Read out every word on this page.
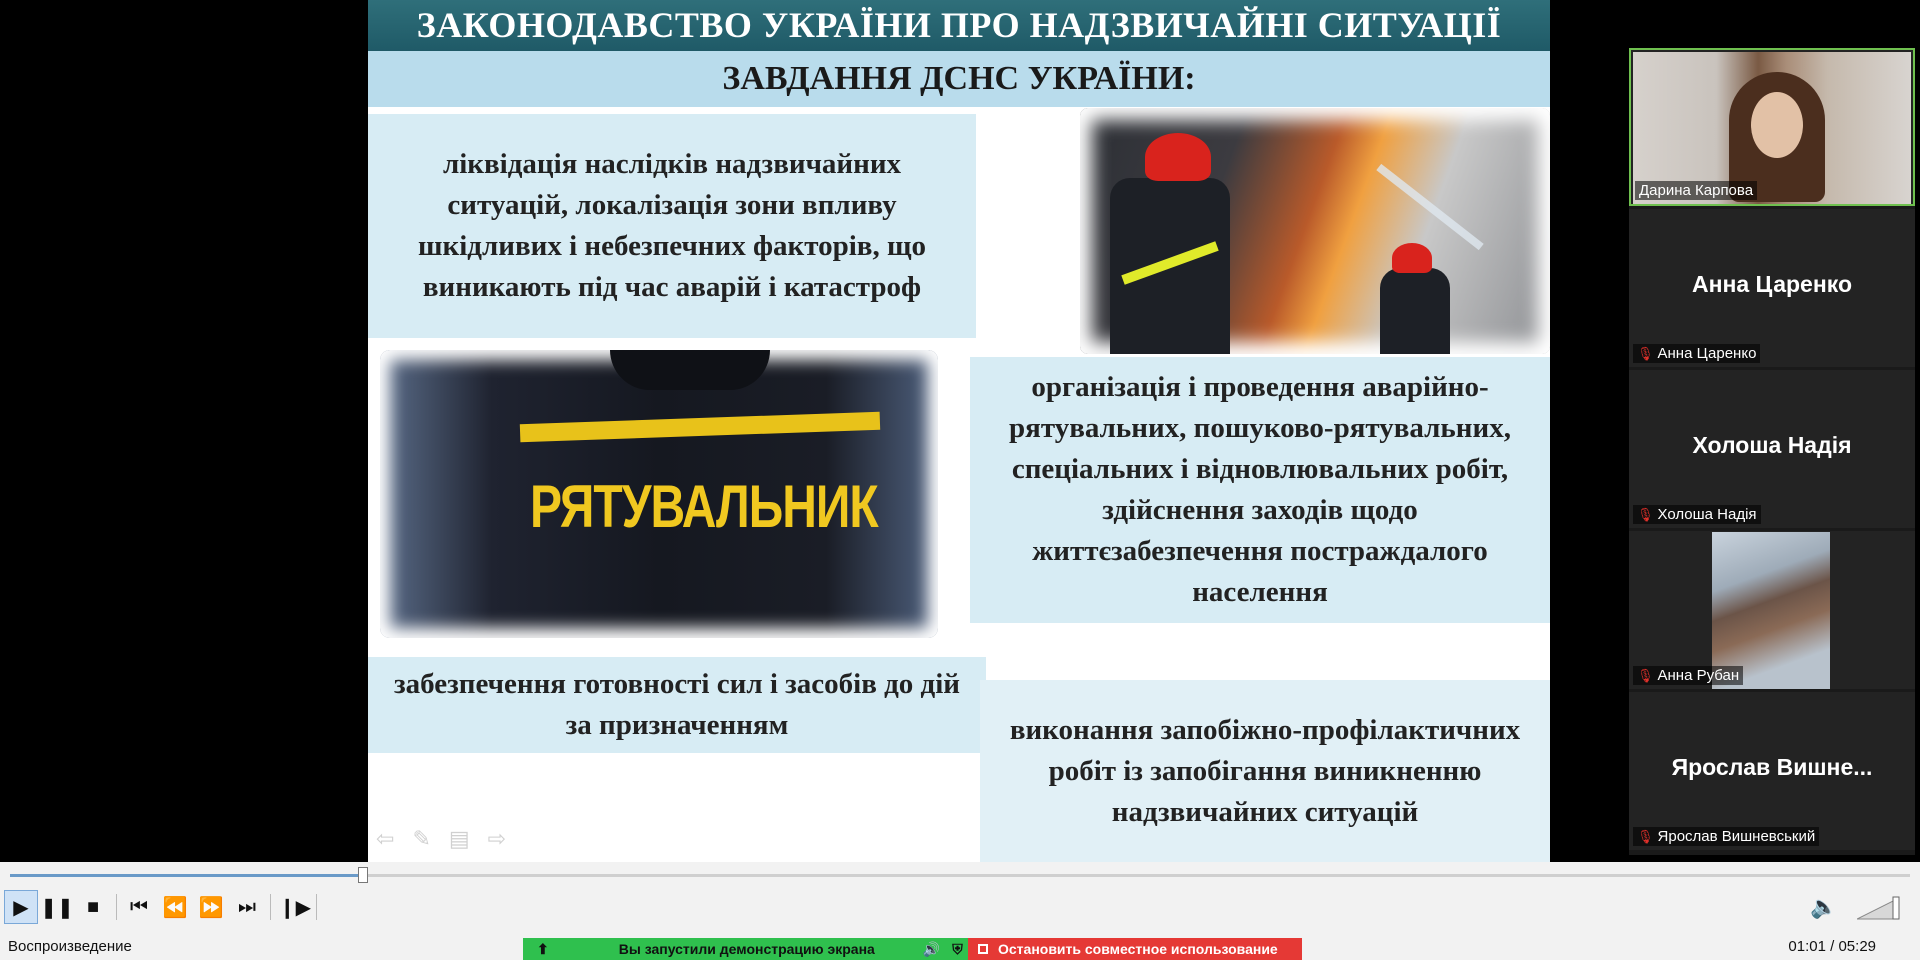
ЗАКОНОДАВСТВО УКРАЇНИ ПРО НАДЗВИЧАЙНІ СИТУАЦІЇ
ЗАВДАННЯ ДСНС УКРАЇНИ:
ліквідація наслідків надзвичайних ситуацій, локалізація зони впливу шкідливих і небезпечних факторів, що виникають під час аварій і катастроф
РЯТУВАЛЬНИК
організація і проведення аварійно-рятувальних, пошуково-рятувальних, спеціальних і відновлювальних робіт, здійснення заходів щодо життєзабезпечення постраждалого населення
забезпечення готовності сил і засобів до дій за призначенням	виконання запобіжно-профілактичних робіт із запобігання виникненню надзвичайних ситуацій
⇦✎▤⇨
Дарина Карпова
Анна Царенко
🎙 Анна Царенко
Холоша Надія
🎙 Холоша Надія
🎙 Анна Рубан
Ярослав Вишне...
🎙 Ярослав Вишневський
▶ ❚❚ ■	⏮ ⏪ ⏩ ⏭	❙▶	🔈
Воспроизведение	01:01 / 05:29
⬆	Вы запустили демонстрацию экрана	🔊 ⛨	Остановить совместное использование
